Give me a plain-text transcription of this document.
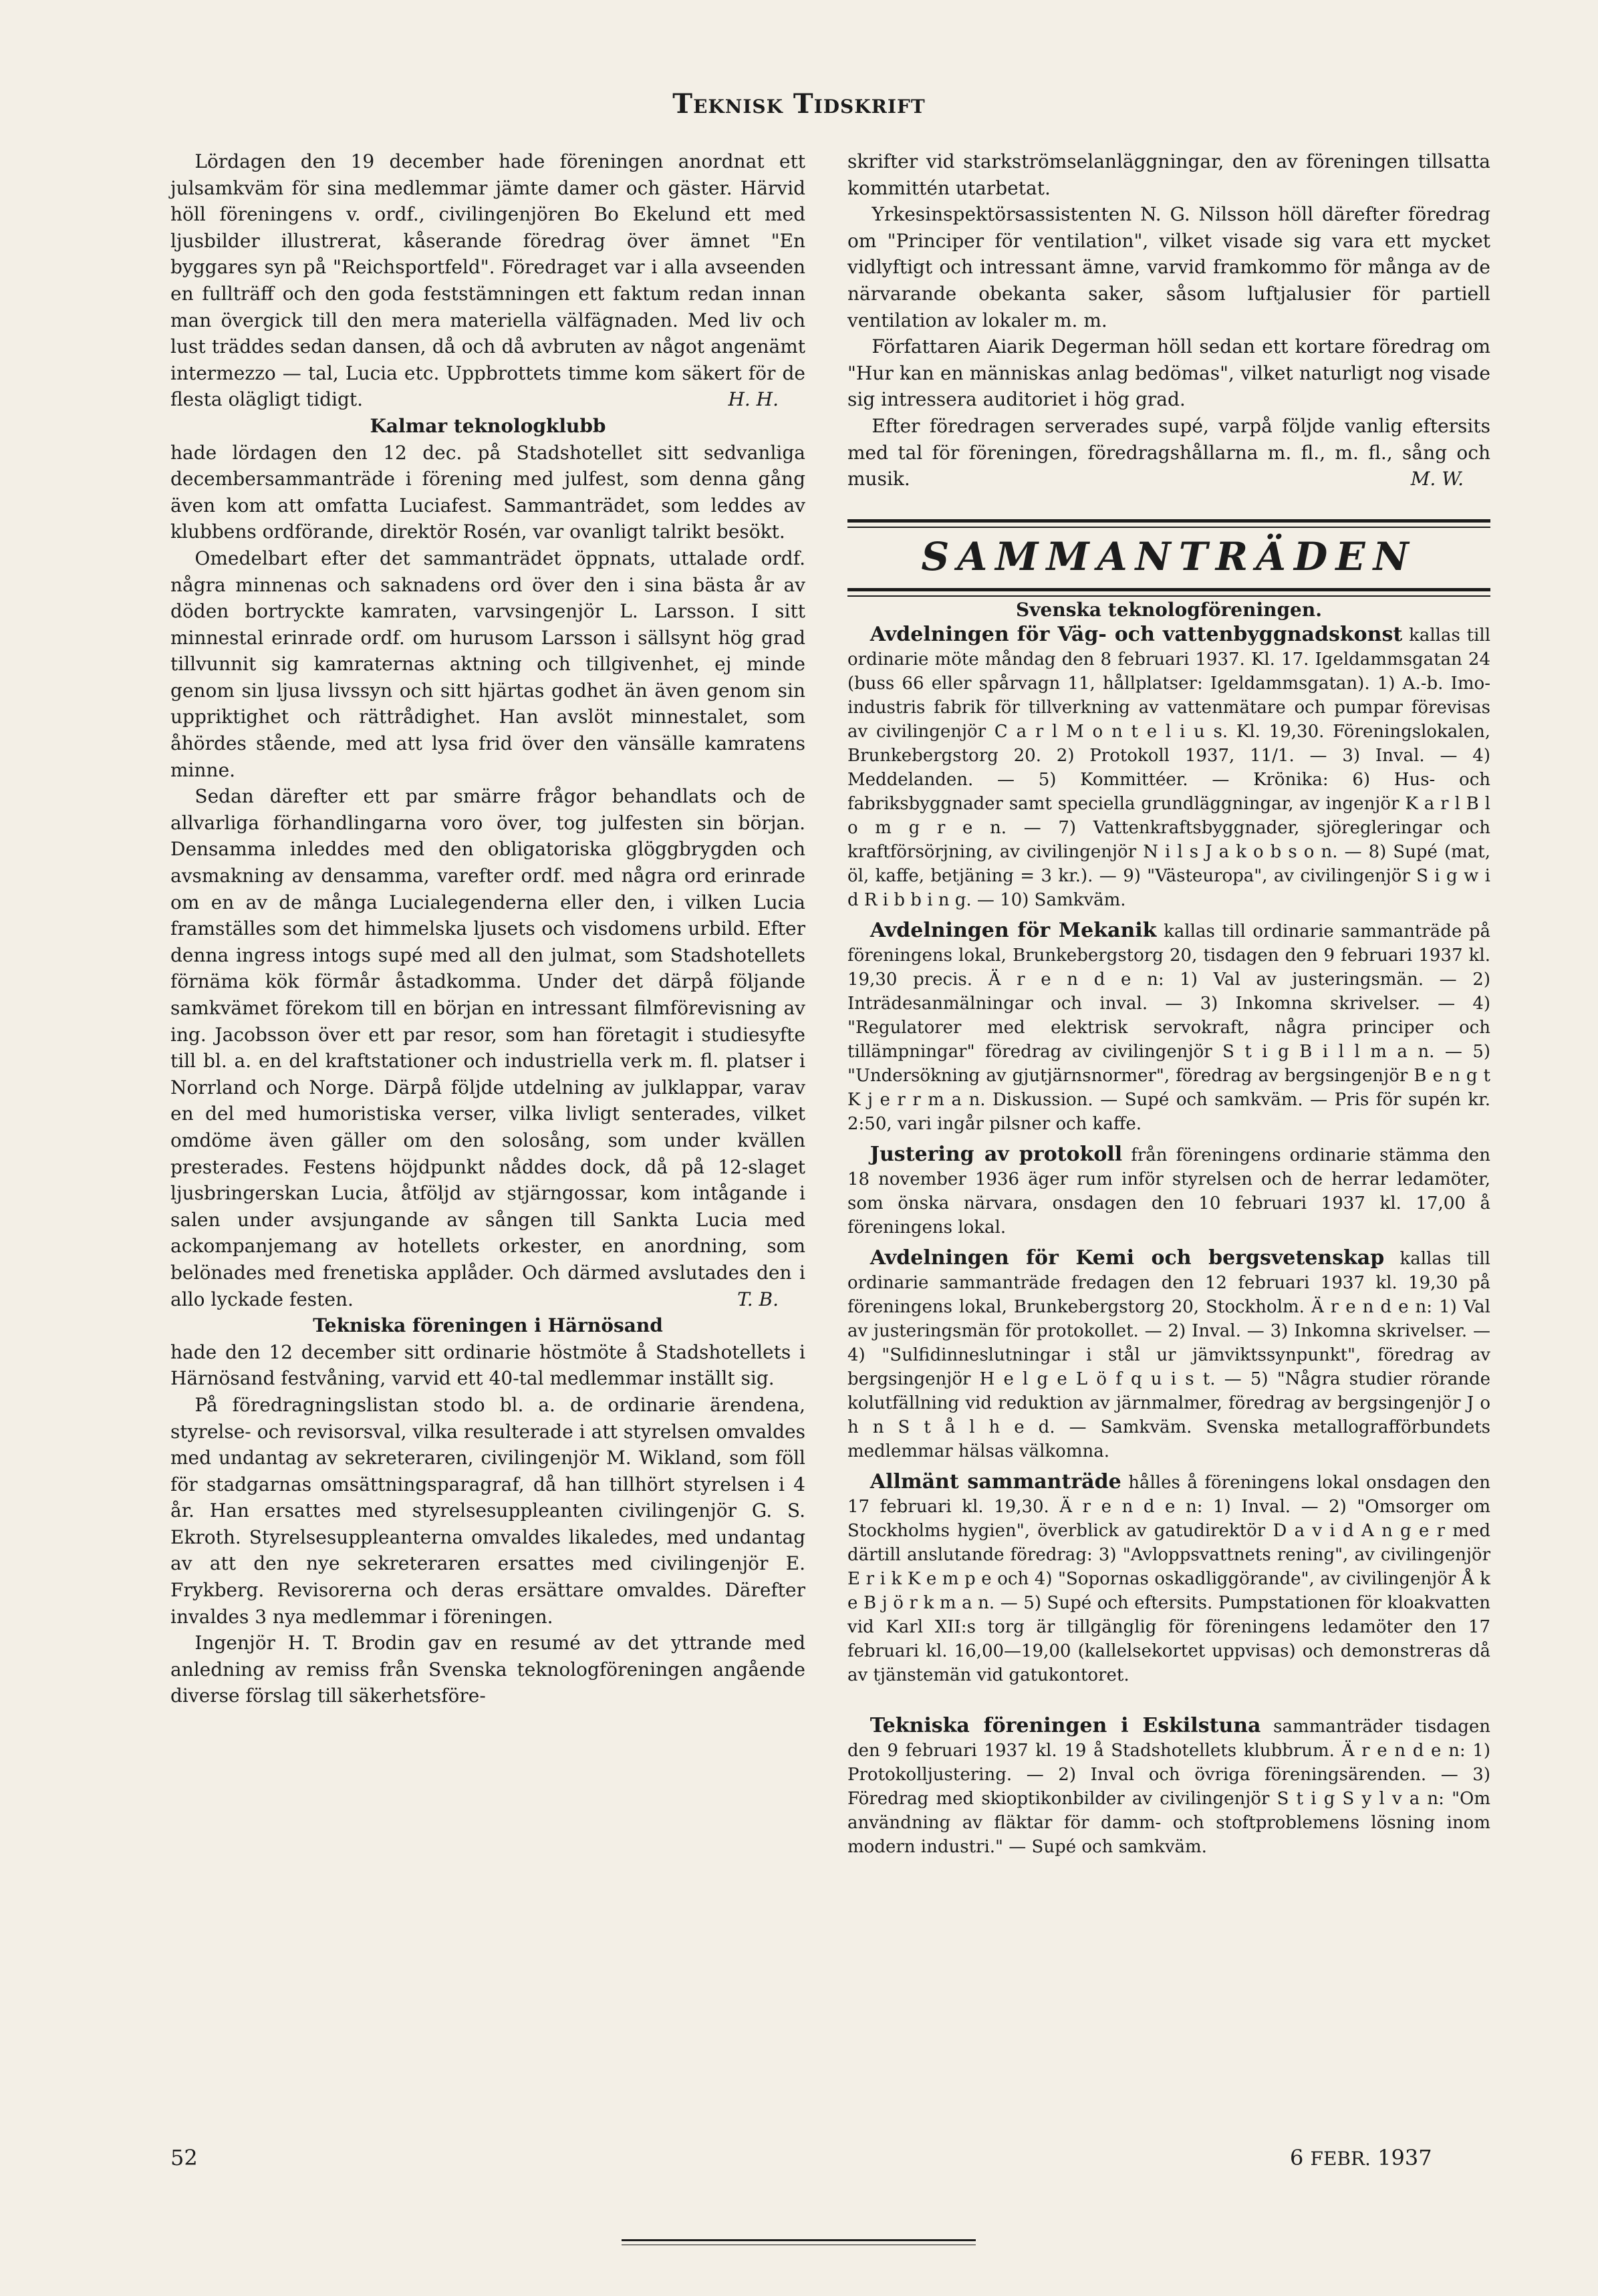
Teknisk Tidskrift

Lördagen den 19 december hade föreningen anordnat ett julsamkväm för sina medlemmar jämte damer och gäster. Härvid höll föreningens v. ordf., civilingenjören Bo Ekelund ett med ljusbilder illustrerat, kåserande föredrag över ämnet "En byggares syn på "Reichsportfeld". Föredraget var i alla avseenden en fullträff och den goda feststämningen ett faktum redan innan man övergick till den mera materiella välfägnaden. Med liv och lust träddes sedan dansen, då och då avbruten av något angenämt intermezzo — tal, Lucia etc. Uppbrottets timme kom säkert för de flesta olägligt tidigt.	H. H.

Kalmar teknologklubb

hade lördagen den 12 dec. på Stadshotellet sitt sedvanliga decembersammanträde i förening med julfest, som denna gång även kom att omfatta Luciafest. Sammanträdet, som leddes av klubbens ordförande, direktör Rosén, var ovanligt talrikt besökt.

Omedelbart efter det sammanträdet öppnats, uttalade ordf. några minnenas och saknadens ord över den i sina bästa år av döden bortryckte kamraten, varvsingenjör L. Larsson. I sitt minnestal erinrade ordf. om hurusom Larsson i sällsynt hög grad tillvunnit sig kamraternas aktning och tillgivenhet, ej minde genom sin ljusa livssyn och sitt hjärtas godhet än även genom sin uppriktighet och rättrådighet. Han avslöt minnestalet, som åhördes stående, med att lysa frid över den vänsälle kamratens minne.

Sedan därefter ett par smärre frågor behandlats och de allvarliga förhandlingarna voro över, tog julfesten sin början. Densamma inleddes med den obligatoriska glöggbrygden och avsmakning av densamma, varefter ordf. med några ord erinrade om en av de många Lucialegenderna eller den, i vilken Lucia framställes som det himmelska ljusets och visdomens urbild. Efter denna ingress intogs supé med all den julmat, som Stadshotellets förnäma kök förmår åstadkomma. Under det därpå följande samkvämet förekom till en början en intressant filmförevisning av ing. Jacobsson över ett par resor, som han företagit i studiesyfte till bl. a. en del kraftstationer och industriella verk m. fl. platser i Norrland och Norge. Därpå följde utdelning av julklappar, varav en del med humoristiska verser, vilka livligt senterades, vilket omdöme även gäller om den solosång, som under kvällen presterades. Festens höjdpunkt nåddes dock, då på 12-slaget ljusbringerskan Lucia, åtföljd av stjärngossar, kom intågande i salen under avsjungande av sången till Sankta Lucia med ackompanjemang av hotellets orkester, en anordning, som belönades med frenetiska applåder. Och därmed avslutades den i allo lyckade festen.	T. B.

Tekniska föreningen i Härnösand

hade den 12 december sitt ordinarie höstmöte å Stadshotellets i Härnösand festvåning, varvid ett 40-tal medlemmar inställt sig.

På föredragningslistan stodo bl. a. de ordinarie ärendena, styrelse- och revisorsval, vilka resulterade i att styrelsen omvaldes med undantag av sekreteraren, civilingenjör M. Wikland, som föll för stadgarnas omsättningsparagraf, då han tillhört styrelsen i 4 år. Han ersattes med styrelsesuppleanten civilingenjör G. S. Ekroth. Styrelsesuppleanterna omvaldes likaledes, med undantag av att den nye sekreteraren ersattes med civilingenjör E. Frykberg. Revisorerna och deras ersättare omvaldes. Därefter invaldes 3 nya medlemmar i föreningen.

Ingenjör H. T. Brodin gav en resumé av det yttrande med anledning av remiss från Svenska teknologföreningen angående diverse förslag till säkerhetsföre-

skrifter vid starkströmselanläggningar, den av föreningen tillsatta kommittén utarbetat.

Yrkesinspektörsassistenten N. G. Nilsson höll därefter föredrag om "Principer för ventilation", vilket visade sig vara ett mycket vidlyftigt och intressant ämne, varvid framkommo för många av de närvarande obekanta saker, såsom luftjalusier för partiell ventilation av lokaler m. m.

Författaren Aiarik Degerman höll sedan ett kortare föredrag om "Hur kan en människas anlag bedömas", vilket naturligt nog visade sig intressera auditoriet i hög grad.

Efter föredragen serverades supé, varpå följde vanlig eftersits med tal för föreningen, föredragshållarna m. fl., m. fl., sång och musik.	M. W.

SAMMANTRÄDEN
Svenska teknologföreningen.

Avdelningen för Väg- och vattenbyggnadskonst kallas till ordinarie möte måndag den 8 februari 1937. Kl. 17. Igeldammsgatan 24 (buss 66 eller spårvagn 11, hållplatser: Igeldammsgatan). 1) A.-b. Imo-industris fabrik för tillverkning av vattenmätare och pumpar förevisas av civilingenjör C a r l M o n t e l i u s. Kl. 19,30. Föreningslokalen, Brunkebergstorg 20. 2) Protokoll 1937, 11/1. — 3) Inval. — 4) Meddelanden. — 5) Kommittéer. — Krönika: 6) Hus- och fabriksbyggnader samt speciella grundläggningar, av ingenjör K a r l B l o m g r e n. — 7) Vattenkraftsbyggnader, sjöregleringar och kraftförsörjning, av civilingenjör N i l s J a k o b s o n. — 8) Supé (mat, öl, kaffe, betjäning = 3 kr.). — 9) "Västeuropa", av civilingenjör S i g w i d R i b b i n g. — 10) Samkväm.

Avdelningen för Mekanik kallas till ordinarie sammanträde på föreningens lokal, Brunkebergstorg 20, tisdagen den 9 februari 1937 kl. 19,30 precis. Ä r e n d e n: 1) Val av justeringsmän. — 2) Inträdesanmälningar och inval. — 3) Inkomna skrivelser. — 4) "Regulatorer med elektrisk servokraft, några principer och tillämpningar" föredrag av civilingenjör S t i g B i l l m a n. — 5) "Undersökning av gjutjärnsnormer", föredrag av bergsingenjör B e n g t K j e r r m a n. Diskussion. — Supé och samkväm. — Pris för supén kr. 2:50, vari ingår pilsner och kaffe.

Justering av protokoll från föreningens ordinarie stämma den 18 november 1936 äger rum inför styrelsen och de herrar ledamöter, som önska närvara, onsdagen den 10 februari 1937 kl. 17,00 å föreningens lokal.

Avdelningen för Kemi och bergsvetenskap kallas till ordinarie sammanträde fredagen den 12 februari 1937 kl. 19,30 på föreningens lokal, Brunkebergstorg 20, Stockholm. Ä r e n d e n: 1) Val av justeringsmän för protokollet. — 2) Inval. — 3) Inkomna skrivelser. — 4) "Sulfidinneslutningar i stål ur jämviktssynpunkt", föredrag av bergsingenjör H e l g e L ö f q u i s t. — 5) "Några studier rörande kolutfällning vid reduktion av järnmalmer, föredrag av bergsingenjör J o h n S t å l h e d. — Samkväm. Svenska metallografförbundets medlemmar hälsas välkomna.

Allmänt sammanträde hålles å föreningens lokal onsdagen den 17 februari kl. 19,30. Ä r e n d e n: 1) Inval. — 2) "Omsorger om Stockholms hygien", överblick av gatudirektör D a v i d A n g e r med därtill anslutande föredrag: 3) "Avloppsvattnets rening", av civilingenjör E r i k K e m p e och 4) "Sopornas oskadliggörande", av civilingenjör Å k e B j ö r k m a n. — 5) Supé och eftersits. Pumpstationen för kloakvatten vid Karl XII:s torg är tillgänglig för föreningens ledamöter den 17 februari kl. 16,00—19,00 (kallelsekortet uppvisas) och demonstreras då av tjänstemän vid gatukontoret.

Tekniska föreningen i Eskilstuna sammanträder tisdagen den 9 februari 1937 kl. 19 å Stadshotellets klubbrum. Ä r e n d e n: 1) Protokolljustering. — 2) Inval och övriga föreningsärenden. — 3) Föredrag med skioptikonbilder av civilingenjör S t i g S y l v a n: "Om användning av fläktar för damm- och stoftproblemens lösning inom modern industri." — Supé och samkväm.

52	6 FEBR. 1937
